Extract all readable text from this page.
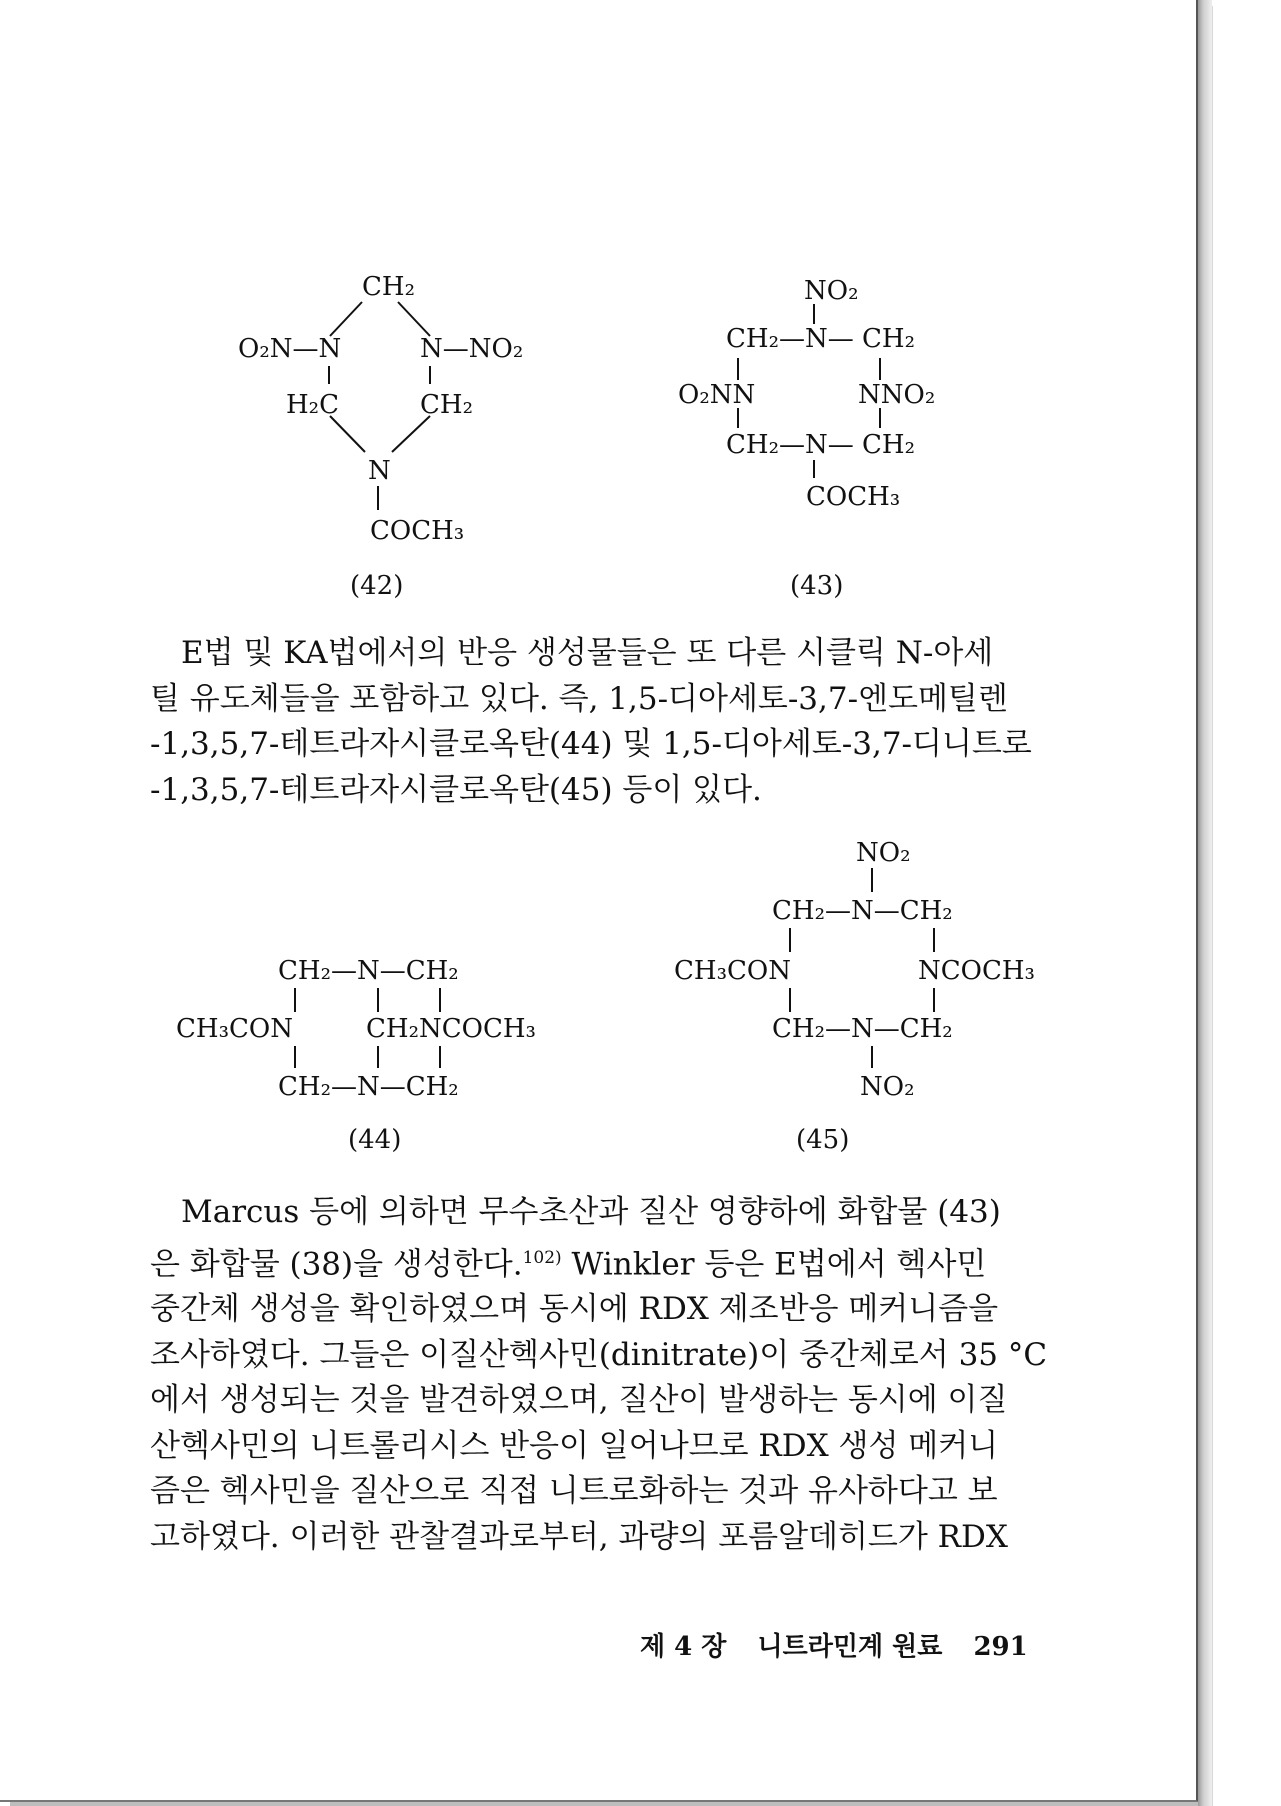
CH₂
O₂N—N	N—NO₂
H₂C	CH₂
N
COCH₃
(42)
NO₂
CH₂—N— CH₂
O₂NN	NNO₂
CH₂—N— CH₂
COCH₃
(43)
E법 및 KA법에서의 반응 생성물들은 또 다른 시클릭 N-아세
틸 유도체들을 포함하고 있다. 즉, 1,5-디아세토-3,7-엔도메틸렌
-1,3,5,7-테트라자시클로옥탄(44) 및 1,5-디아세토-3,7-디니트로
-1,3,5,7-테트라자시클로옥탄(45) 등이 있다.
CH₂—N—CH₂
CH₃CON	CH₂NCOCH₃
CH₂—N—CH₂
(44)
NO₂
CH₂—N—CH₂
CH₃CON	NCOCH₃
CH₂—N—CH₂
NO₂
(45)
Marcus 등에 의하면 무수초산과 질산 영향하에 화합물 (43)
은 화합물 (38)을 생성한다.$^{102)}$ Winkler 등은 E법에서 헥사민
중간체 생성을 확인하였으며 동시에 RDX 제조반응 메커니즘을
조사하였다. 그들은 이질산헥사민(dinitrate)이 중간체로서 35 °C
에서 생성되는 것을 발견하였으며, 질산이 발생하는 동시에 이질
산헥사민의 니트롤리시스 반응이 일어나므로 RDX 생성 메커니
즘은 헥사민을 질산으로 직접 니트로화하는 것과 유사하다고 보
고하였다. 이러한 관찰결과로부터, 과량의 포름알데히드가 RDX
제 4 장 니트라민계 원료 291
